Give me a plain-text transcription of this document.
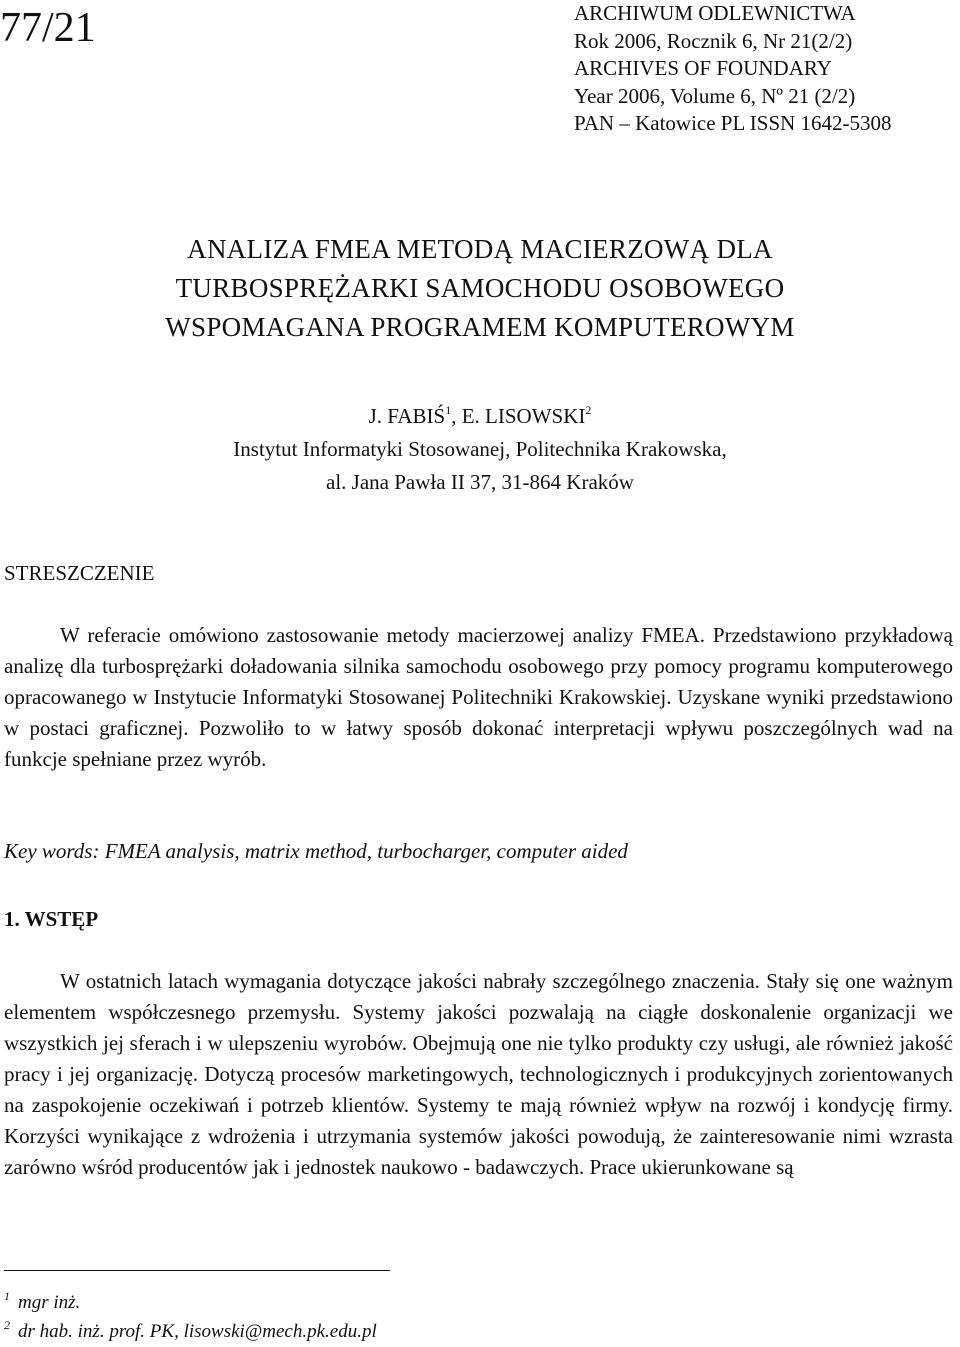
77/21	ARCHIWUM ODLEWNICTWA
Rok 2006, Rocznik 6, Nr 21(2/2)
ARCHIVES OF FOUNDARY
Year 2006, Volume 6, Nº 21 (2/2)
PAN – Katowice PL ISSN 1642-5308
ANALIZA FMEA METODĄ MACIERZOWĄ DLA
TURBOSPRĘŻARKI SAMOCHODU OSOBOWEGO
WSPOMAGANA PROGRAMEM KOMPUTEROWYM
J. FABIŚ$^1$, E. LISOWSKI$^2$
Instytut Informatyki Stosowanej, Politechnika Krakowska,
al. Jana Pawła II 37, 31-864 Kraków
STRESZCZENIE

W referacie omówiono zastosowanie metody macierzowej analizy FMEA. Przedstawiono przykładową analizę dla turbosprężarki doładowania silnika samochodu osobowego przy pomocy programu komputerowego opracowanego w Instytucie Informatyki Stosowanej Politechniki Krakowskiej. Uzyskane wyniki przedstawiono w postaci graficznej. Pozwoliło to w łatwy sposób dokonać interpretacji wpływu poszczególnych wad na funkcje spełniane przez wyrób.

Key words: FMEA analysis, matrix method, turbocharger, computer aided
1. WSTĘP

W ostatnich latach wymagania dotyczące jakości nabrały szczególnego znaczenia. Stały się one ważnym elementem współczesnego przemysłu. Systemy jakości pozwalają na ciągłe doskonalenie organizacji we wszystkich jej sferach i w ulepszeniu wyrobów. Obejmują one nie tylko produkty czy usługi, ale również jakość pracy i jej organizację. Dotyczą procesów marketingowych, technologicznych i produkcyjnych zorientowanych na zaspokojenie oczekiwań i potrzeb klientów. Systemy te mają również wpływ na rozwój i kondycję firmy. Korzyści wynikające z wdrożenia i utrzymania systemów jakości powodują, że zainteresowanie nimi wzrasta zarówno wśród producentów jak i jednostek naukowo - badawczych. Prace ukierunkowane są

$^1$ mgr inż.
$^2$ dr hab. inż. prof. PK, lisowski@mech.pk.edu.pl
